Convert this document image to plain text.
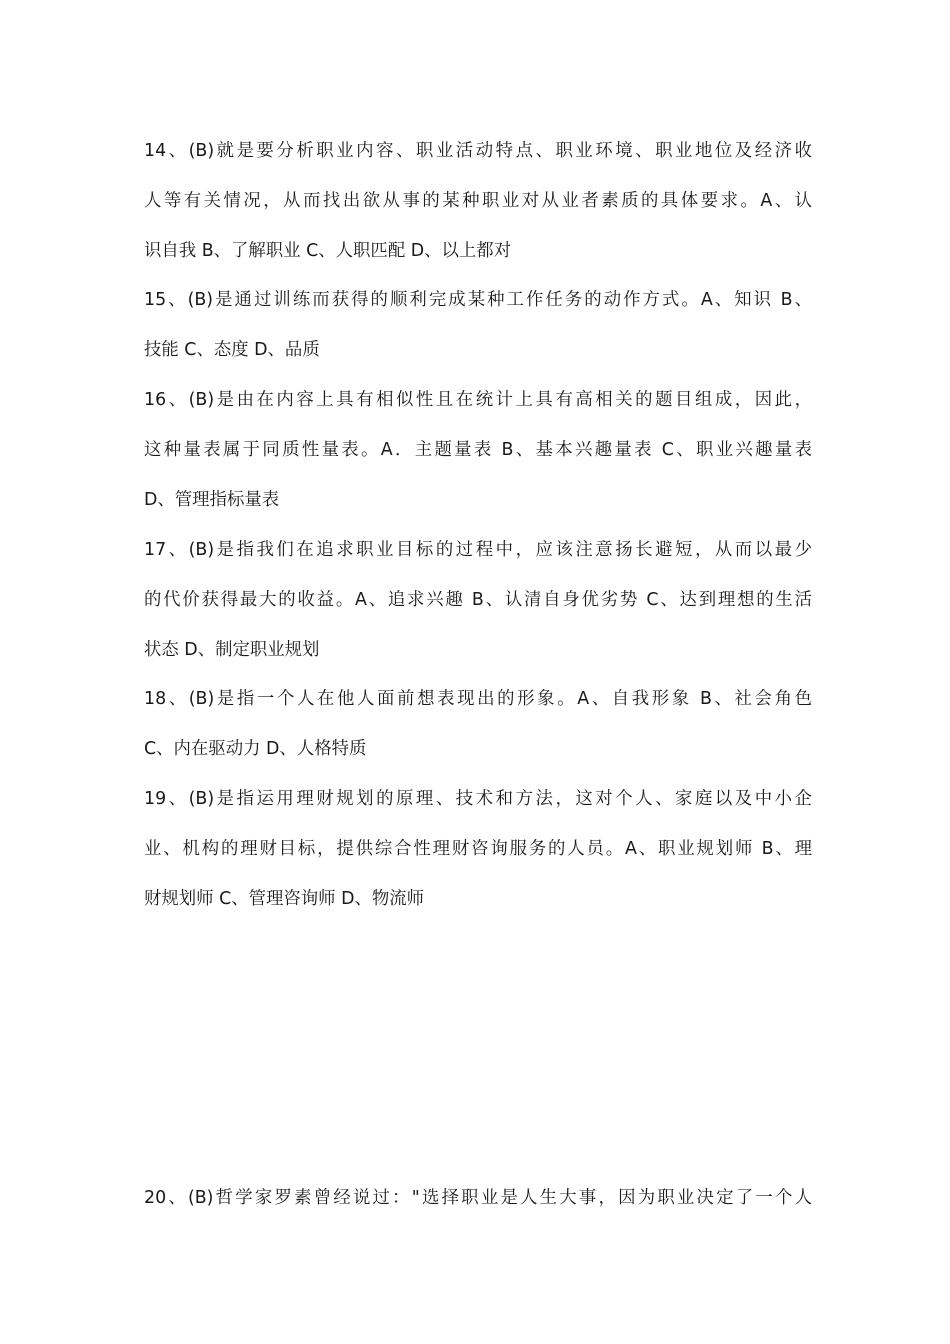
14、(B)就是要分析职业内容、职业活动特点、职业环境、职业地位及经济收
人等有关情况，从而找出欲从事的某种职业对从业者素质的具体要求。A、认
识自我 B、了解职业 C、人职匹配 D、以上都对
15、(B)是通过训练而获得的顺利完成某种工作任务的动作方式。A、知识 B、
技能 C、态度 D、品质
16、(B)是由在内容上具有相似性且在统计上具有高相关的题目组成，因此，
这种量表属于同质性量表。A．主题量表 B、基本兴趣量表 C、职业兴趣量表
D、管理指标量表
17、(B)是指我们在追求职业目标的过程中，应该注意扬长避短，从而以最少
的代价获得最大的收益。A、追求兴趣 B、认清自身优劣势 C、达到理想的生活
状态 D、制定职业规划
18、(B)是指一个人在他人面前想表现出的形象。A、自我形象 B、社会角色
C、内在驱动力 D、人格特质
19、(B)是指运用理财规划的原理、技术和方法，这对个人、家庭以及中小企
业、机构的理财目标，提供综合性理财咨询服务的人员。A、职业规划师 B、理
财规划师 C、管理咨询师 D、物流师
20、(B)哲学家罗素曾经说过："选择职业是人生大事，因为职业决定了一个人
